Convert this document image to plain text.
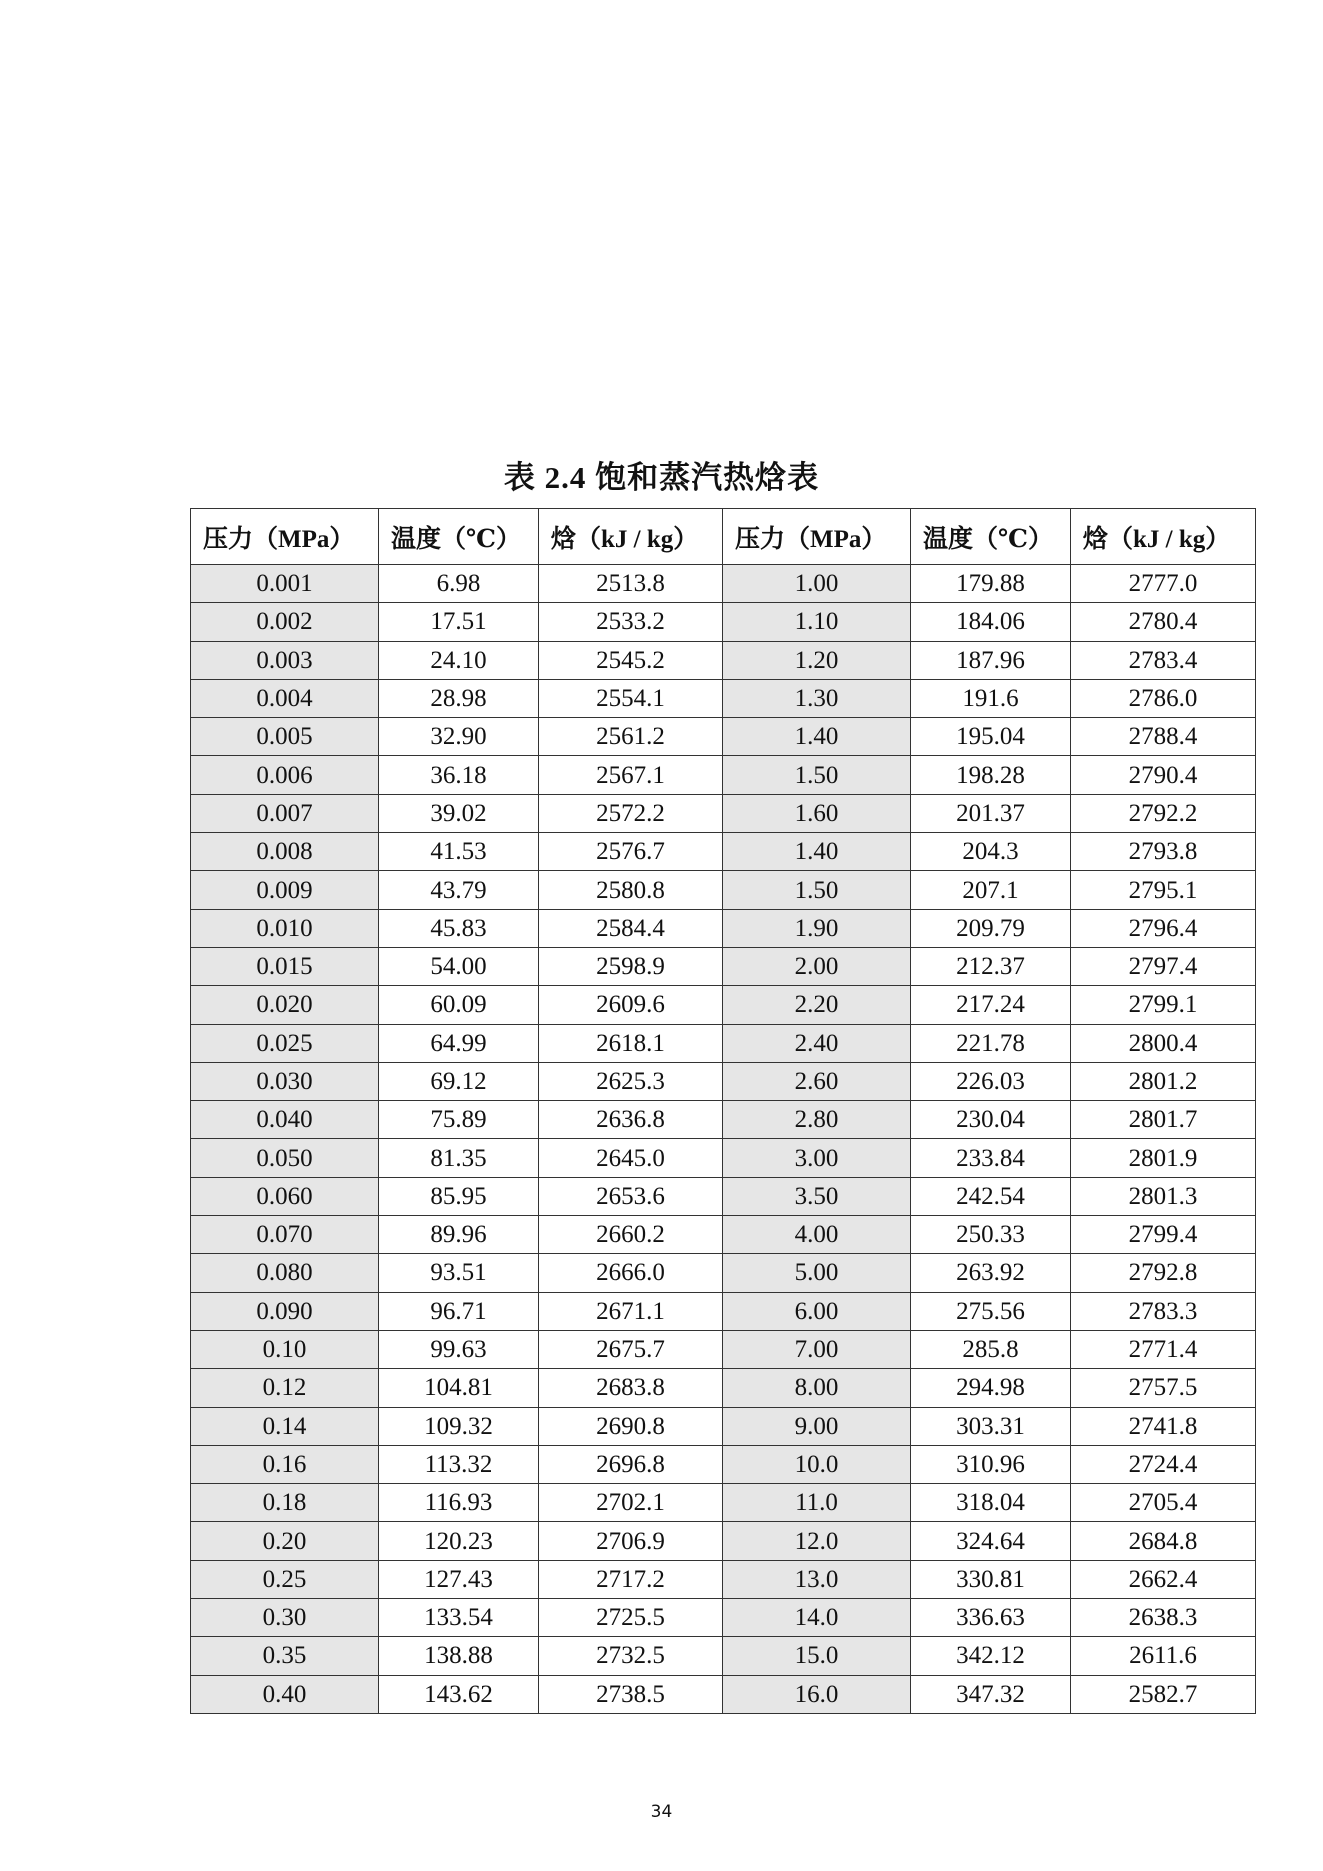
表 2.4 饱和蒸汽热焓表
压力（MPa）	温度（℃）	焓（kJ / kg）	压力（MPa）	温度（℃）	焓（kJ / kg）
0.001	6.98	2513.8	1.00	179.88	2777.0
0.002	17.51	2533.2	1.10	184.06	2780.4
0.003	24.10	2545.2	1.20	187.96	2783.4
0.004	28.98	2554.1	1.30	191.6	2786.0
0.005	32.90	2561.2	1.40	195.04	2788.4
0.006	36.18	2567.1	1.50	198.28	2790.4
0.007	39.02	2572.2	1.60	201.37	2792.2
0.008	41.53	2576.7	1.40	204.3	2793.8
0.009	43.79	2580.8	1.50	207.1	2795.1
0.010	45.83	2584.4	1.90	209.79	2796.4
0.015	54.00	2598.9	2.00	212.37	2797.4
0.020	60.09	2609.6	2.20	217.24	2799.1
0.025	64.99	2618.1	2.40	221.78	2800.4
0.030	69.12	2625.3	2.60	226.03	2801.2
0.040	75.89	2636.8	2.80	230.04	2801.7
0.050	81.35	2645.0	3.00	233.84	2801.9
0.060	85.95	2653.6	3.50	242.54	2801.3
0.070	89.96	2660.2	4.00	250.33	2799.4
0.080	93.51	2666.0	5.00	263.92	2792.8
0.090	96.71	2671.1	6.00	275.56	2783.3
0.10	99.63	2675.7	7.00	285.8	2771.4
0.12	104.81	2683.8	8.00	294.98	2757.5
0.14	109.32	2690.8	9.00	303.31	2741.8
0.16	113.32	2696.8	10.0	310.96	2724.4
0.18	116.93	2702.1	11.0	318.04	2705.4
0.20	120.23	2706.9	12.0	324.64	2684.8
0.25	127.43	2717.2	13.0	330.81	2662.4
0.30	133.54	2725.5	14.0	336.63	2638.3
0.35	138.88	2732.5	15.0	342.12	2611.6
0.40	143.62	2738.5	16.0	347.32	2582.7
34
